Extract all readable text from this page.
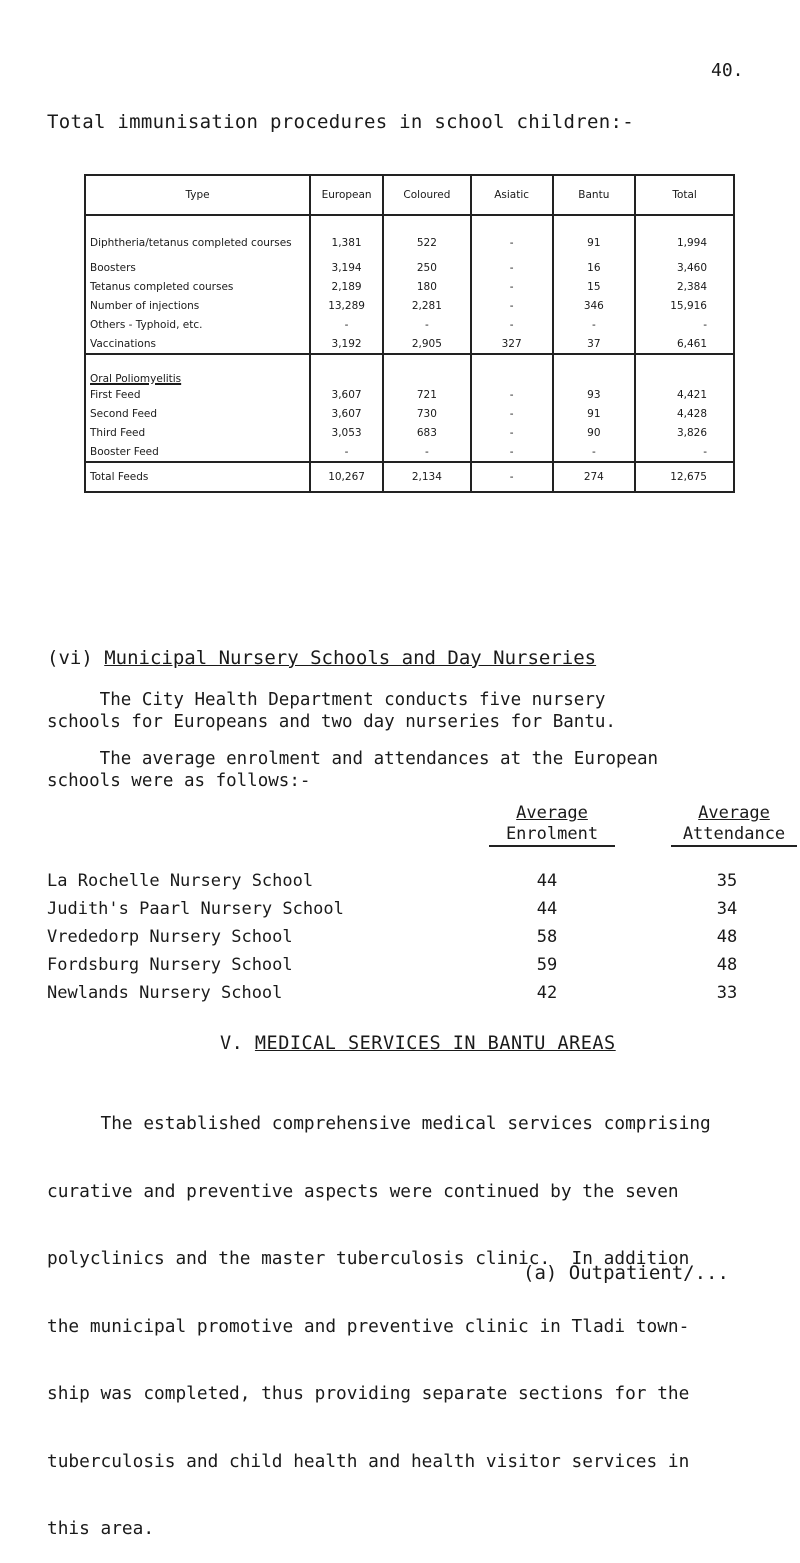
40.
Total immunisation procedures in school children:-
Type	European	Coloured	Asiatic	Bantu	Total
Diphtheria/tetanus completed courses	1,381	522	-	91	1,994
Boosters	3,194	250	-	16	3,460
Tetanus completed courses	2,189	180	-	15	2,384
Number of injections	13,289	2,281	-	346	15,916
Others - Typhoid, etc.	-	-	-	-	-
Vaccinations	3,192	2,905	327	37	6,461
Oral Poliomyelitis					
First Feed	3,607	721	-	93	4,421
Second Feed	3,607	730	-	91	4,428
Third Feed	3,053	683	-	90	3,826
Booster Feed	-	-	-	-	-
Total Feeds	10,267	2,134	-	274	12,675
(vi) Municipal Nursery Schools and Day Nurseries
The City Health Department conducts five nursery
schools for Europeans and two day nurseries for Bantu.
The average enrolment and attendances at the European
schools were as follows:-
Average
Enrolment
Average
Attendance
La Rochelle Nursery School	44	35
Judith's Paarl Nursery School	44	34
Vrededorp Nursery School	58	48
Fordsburg Nursery School	59	48
Newlands Nursery School	42	33
V. MEDICAL SERVICES IN BANTU AREAS

The established comprehensive medical services comprising

curative and preventive aspects were continued by the seven

polyclinics and the master tuberculosis clinic.  In addition

the municipal promotive and preventive clinic in Tladi town-

ship was completed, thus providing separate sections for the

tuberculosis and child health and health visitor services in

this area.

(a) Outpatient/...
